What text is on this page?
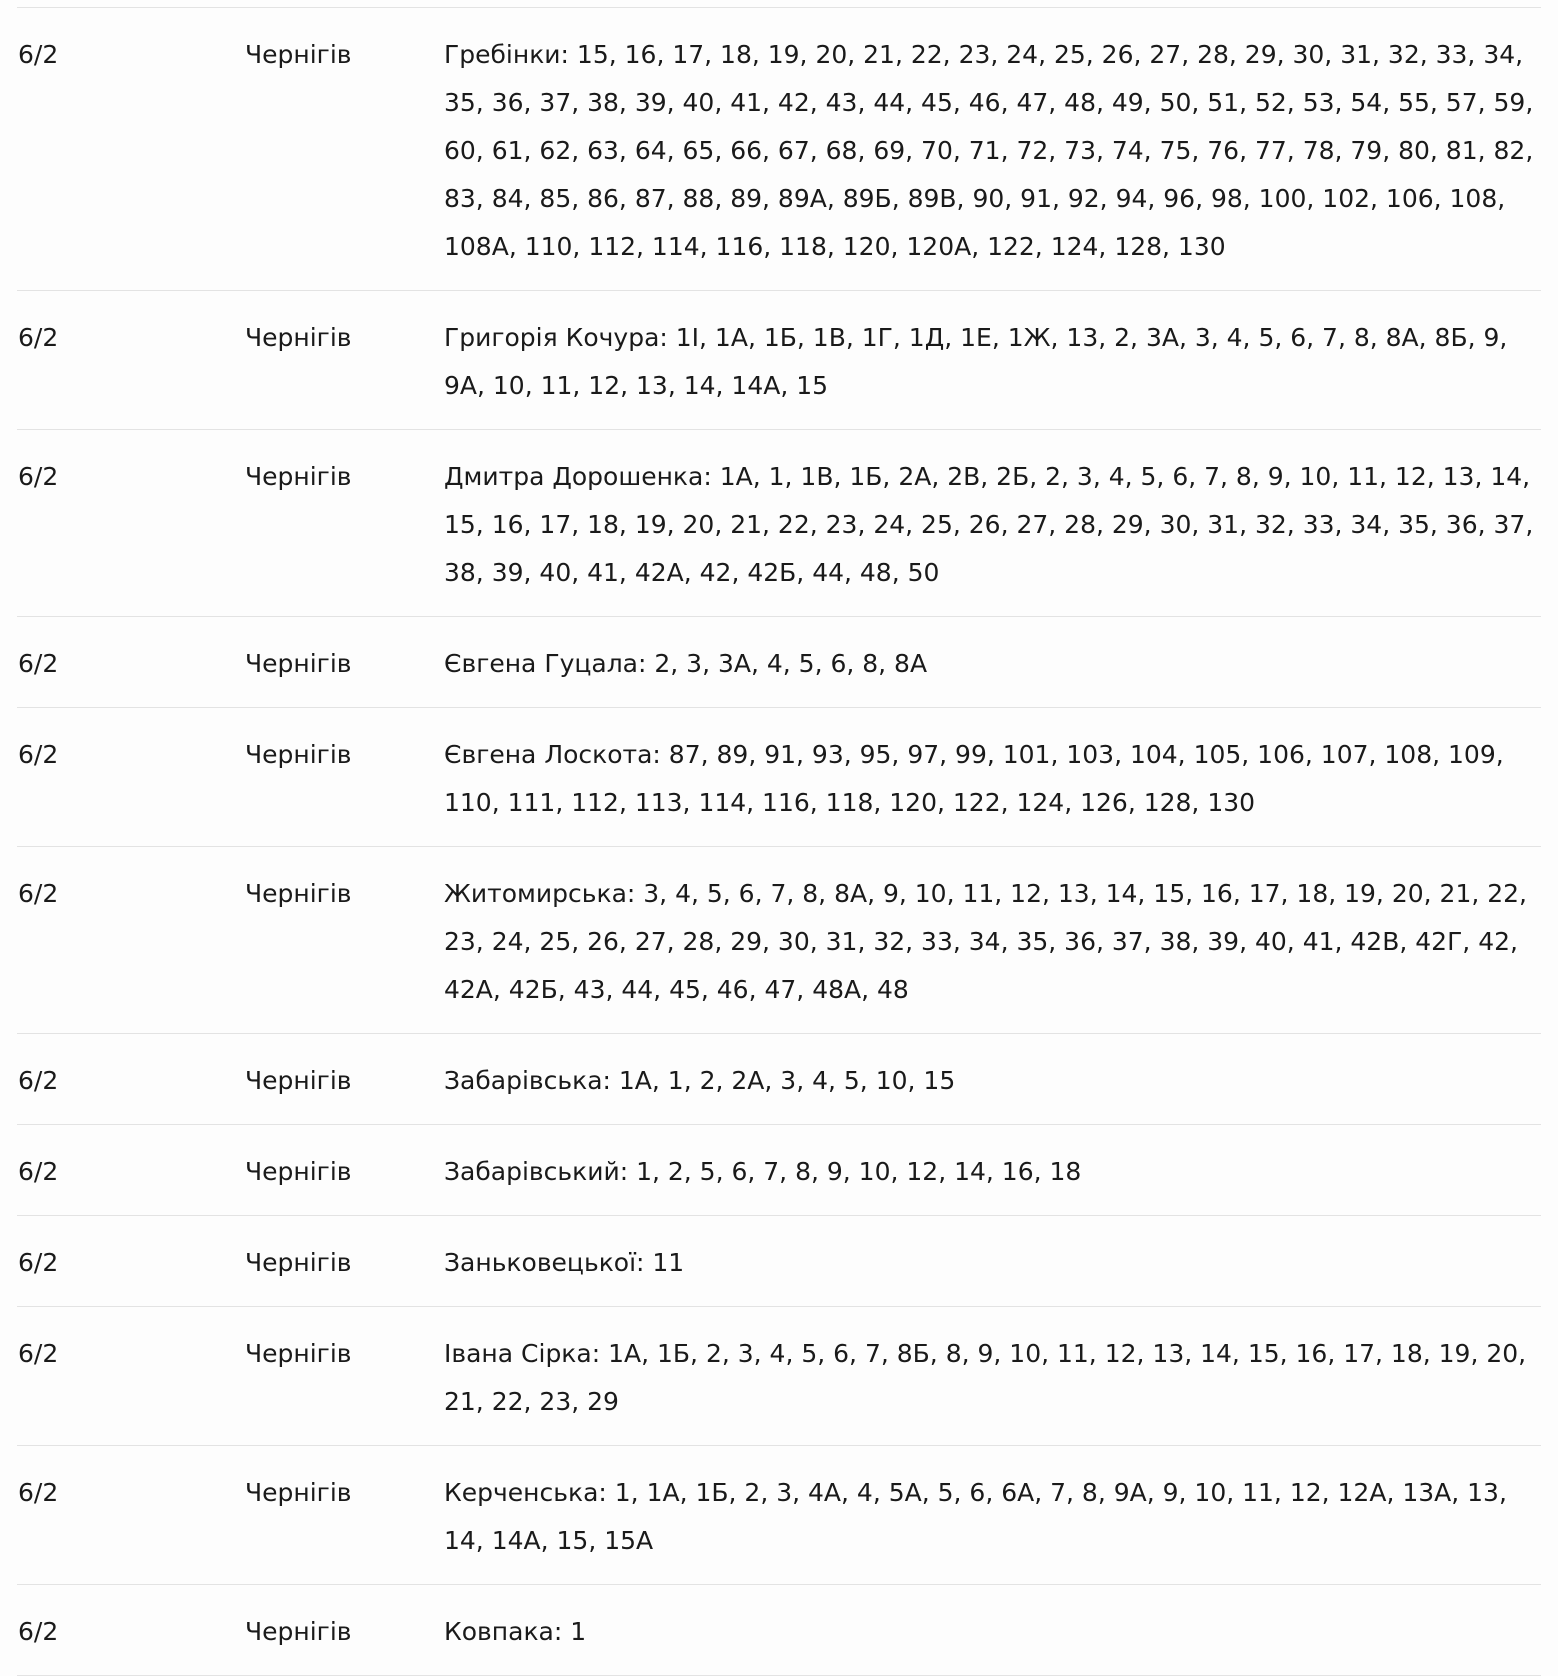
6/2	Чернігів	Гребінки: 15, 16, 17, 18, 19, 20, 21, 22, 23, 24, 25, 26, 27, 28, 29, 30, 31, 32, 33, 34, 35, 36, 37, 38, 39, 40, 41, 42, 43, 44, 45, 46, 47, 48, 49, 50, 51, 52, 53, 54, 55, 57, 59, 60, 61, 62, 63, 64, 65, 66, 67, 68, 69, 70, 71, 72, 73, 74, 75, 76, 77, 78, 79, 80, 81, 82, 83, 84, 85, 86, 87, 88, 89, 89А, 89Б, 89В, 90, 91, 92, 94, 96, 98, 100, 102, 106, 108, 108А, 110, 112, 114, 116, 118, 120, 120А, 122, 124, 128, 130
6/2	Чернігів	Григорія Кочура: 1І, 1А, 1Б, 1В, 1Г, 1Д, 1Е, 1Ж, 13, 2, 3А, 3, 4, 5, 6, 7, 8, 8А, 8Б, 9, 9А, 10, 11, 12, 13, 14, 14А, 15
6/2	Чернігів	Дмитра Дорошенка: 1А, 1, 1В, 1Б, 2А, 2В, 2Б, 2, 3, 4, 5, 6, 7, 8, 9, 10, 11, 12, 13, 14, 15, 16, 17, 18, 19, 20, 21, 22, 23, 24, 25, 26, 27, 28, 29, 30, 31, 32, 33, 34, 35, 36, 37, 38, 39, 40, 41, 42А, 42, 42Б, 44, 48, 50
6/2	Чернігів	Євгена Гуцала: 2, 3, 3А, 4, 5, 6, 8, 8А
6/2	Чернігів	Євгена Лоскота: 87, 89, 91, 93, 95, 97, 99, 101, 103, 104, 105, 106, 107, 108, 109, 110, 111, 112, 113, 114, 116, 118, 120, 122, 124, 126, 128, 130
6/2	Чернігів	Житомирська: 3, 4, 5, 6, 7, 8, 8А, 9, 10, 11, 12, 13, 14, 15, 16, 17, 18, 19, 20, 21, 22, 23, 24, 25, 26, 27, 28, 29, 30, 31, 32, 33, 34, 35, 36, 37, 38, 39, 40, 41, 42В, 42Г, 42, 42А, 42Б, 43, 44, 45, 46, 47, 48А, 48
6/2	Чернігів	Забарівська: 1А, 1, 2, 2А, 3, 4, 5, 10, 15
6/2	Чернігів	Забарівський: 1, 2, 5, 6, 7, 8, 9, 10, 12, 14, 16, 18
6/2	Чернігів	Заньковецької: 11
6/2	Чернігів	Івана Сірка: 1А, 1Б, 2, 3, 4, 5, 6, 7, 8Б, 8, 9, 10, 11, 12, 13, 14, 15, 16, 17, 18, 19, 20, 21, 22, 23, 29
6/2	Чернігів	Керченська: 1, 1А, 1Б, 2, 3, 4А, 4, 5А, 5, 6, 6А, 7, 8, 9А, 9, 10, 11, 12, 12А, 13А, 13, 14, 14А, 15, 15А
6/2	Чернігів	Ковпака: 1
